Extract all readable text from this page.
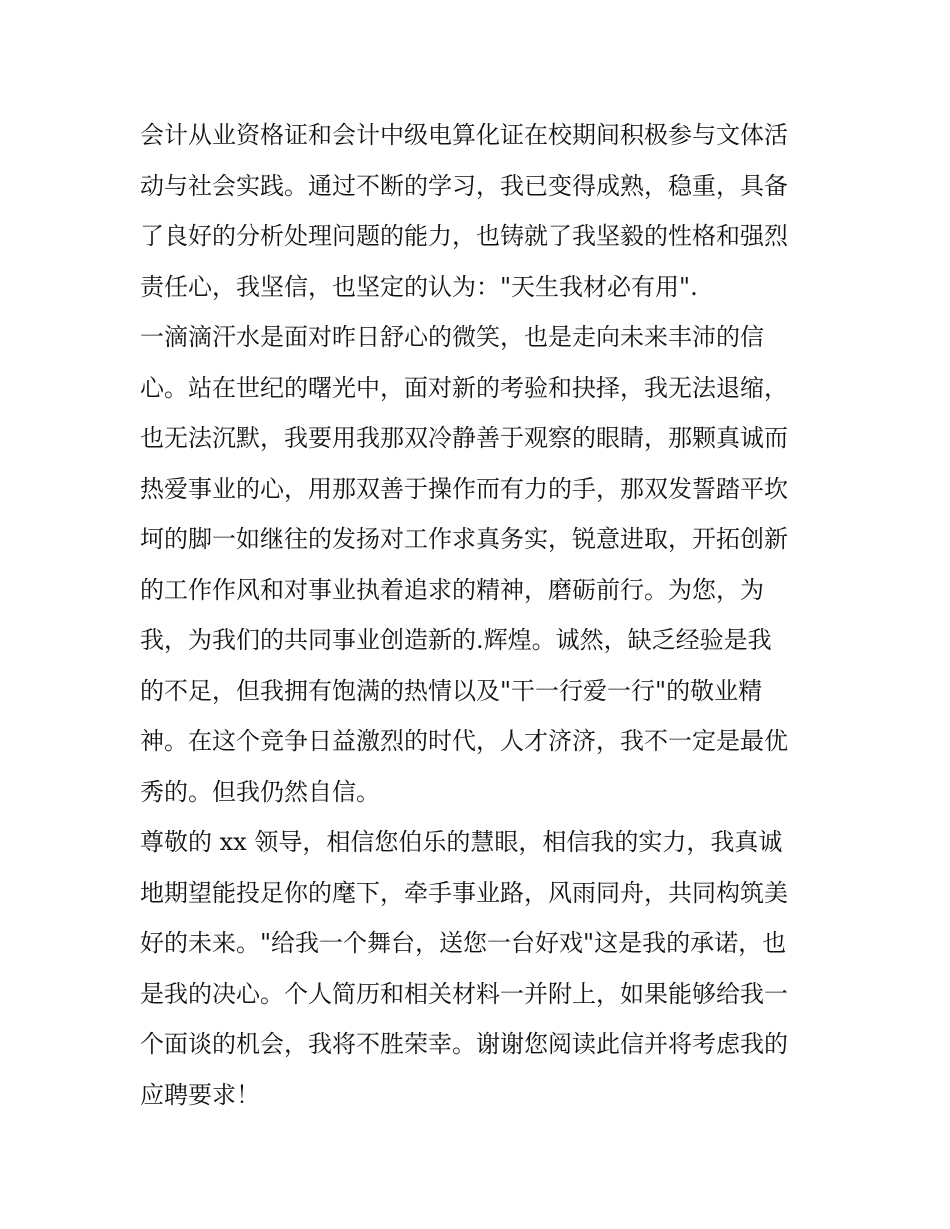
会计从业资格证和会计中级电算化证在校期间积极参与文体活
动与社会实践。通过不断的学习，我已变得成熟，稳重，具备
了良好的分析处理问题的能力，也铸就了我坚毅的性格和强烈
责任心，我坚信，也坚定的认为："天生我材必有用".
一滴滴汗水是面对昨日舒心的微笑，也是走向未来丰沛的信
心。站在世纪的曙光中，面对新的考验和抉择，我无法退缩，
也无法沉默，我要用我那双冷静善于观察的眼睛，那颗真诚而
热爱事业的心，用那双善于操作而有力的手，那双发誓踏平坎
坷的脚一如继往的发扬对工作求真务实，锐意进取，开拓创新
的工作作风和对事业执着追求的精神，磨砺前行。为您，为
我，为我们的共同事业创造新的.辉煌。诚然，缺乏经验是我
的不足，但我拥有饱满的热情以及"干一行爱一行"的敬业精
神。在这个竞争日益激烈的时代，人才济济，我不一定是最优
秀的。但我仍然自信。
尊敬的 xx 领导，相信您伯乐的慧眼，相信我的实力，我真诚
地期望能投足你的麾下，牵手事业路，风雨同舟，共同构筑美
好的未来。"给我一个舞台，送您一台好戏"这是我的承诺，也
是我的决心。个人简历和相关材料一并附上，如果能够给我一
个面谈的机会，我将不胜荣幸。谢谢您阅读此信并将考虑我的
应聘要求！
